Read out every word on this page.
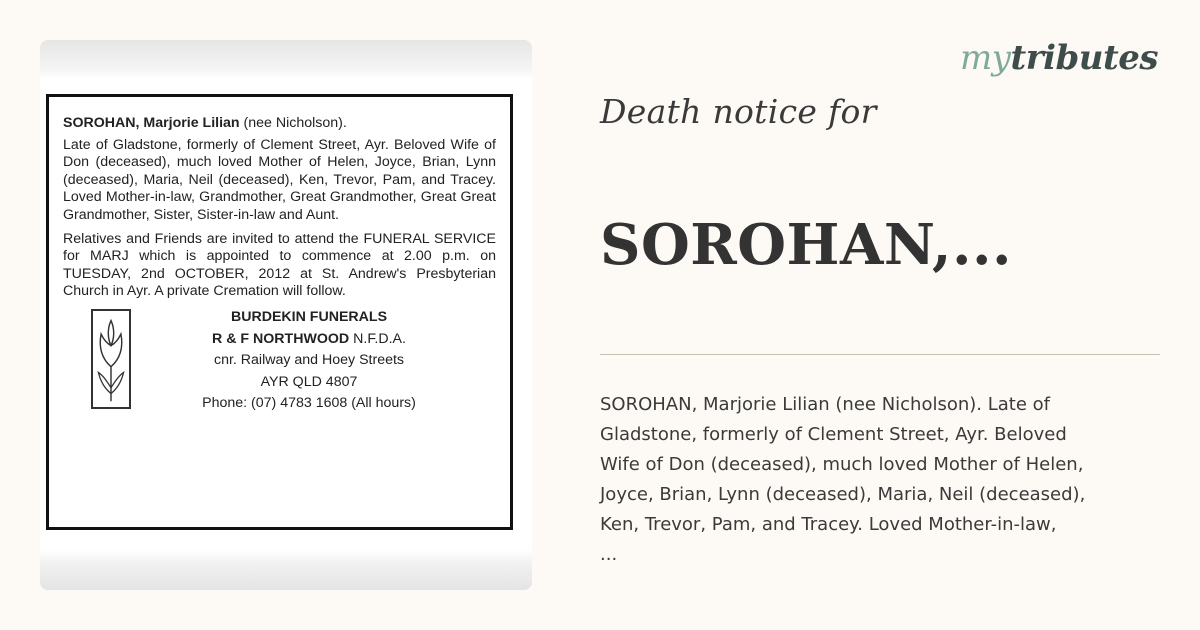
SOROHAN, Marjorie Lilian (nee Nicholson).

Late of Gladstone, formerly of Clement Street, Ayr. Beloved Wife of Don (deceased), much loved Mother of Helen, Joyce, Brian, Lynn (deceased), Maria, Neil (deceased), Ken, Trevor, Pam, and Tracey. Loved Mother-in-law, Grandmother, Great Grandmother, Great Great Grandmother, Sister, Sister-in-law and Aunt.

Relatives and Friends are invited to attend the FUNERAL SERVICE for MARJ which is appointed to commence at 2.00 p.m. on TUESDAY, 2nd OCTOBER, 2012 at St. Andrew's Presbyterian Church in Ayr. A private Cremation will follow.

BURDEKIN FUNERALS
R & F NORTHWOOD N.F.D.A.
cnr. Railway and Hoey Streets
AYR QLD 4807
Phone: (07) 4783 1608 (All hours)
mytributes
Death notice for
SOROHAN,...
SOROHAN, Marjorie Lilian (nee Nicholson). Late of
Gladstone, formerly of Clement Street, Ayr. Beloved
Wife of Don (deceased), much loved Mother of Helen,
Joyce, Brian, Lynn (deceased), Maria, Neil (deceased),
Ken, Trevor, Pam, and Tracey. Loved Mother-in-law,
...
